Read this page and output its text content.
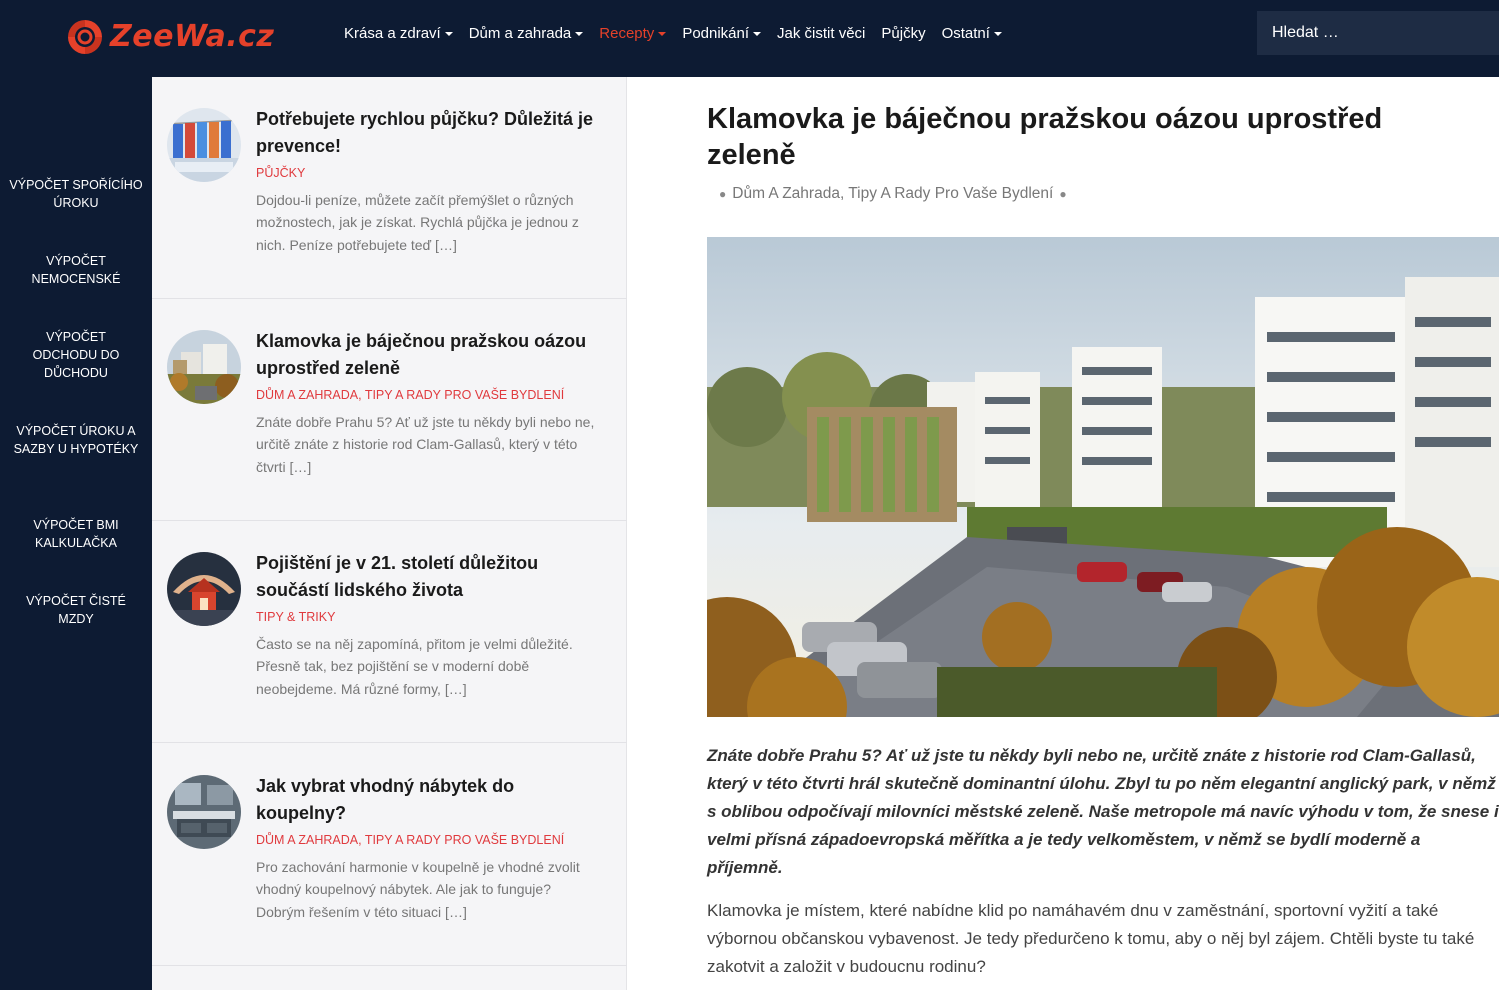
ZeeWa.cz	Krása a zdraví Dům a zahrada Recepty Podnikání Jak čistit věci Půjčky Ostatní
Hledat …
VÝPOČET SPOŘÍCÍHO ÚROKU
VÝPOČET NEMOCENSKÉ
VÝPOČET ODCHODU DO DŮCHODU
VÝPOČET ÚROKU A SAZBY U HYPOTÉKY
VÝPOČET BMI KALKULAČKA
VÝPOČET ČISTÉ MZDY
Potřebujete rychlou půjčku? Důležitá je prevence!
PŮJČKY
Dojdou-li peníze, můžete začít přemýšlet o různých možnostech, jak je získat. Rychlá půjčka je jednou z nich. Peníze potřebujete teď […]
Klamovka je báječnou pražskou oázou uprostřed zeleně
DŮM A ZAHRADA, TIPY A RADY PRO VAŠE BYDLENÍ
Znáte dobře Prahu 5? Ať už jste tu někdy byli nebo ne, určitě znáte z historie rod Clam-Gallasů, který v této čtvrti […]
Pojištění je v 21. století důležitou součástí lidského života
TIPY & TRIKY
Často se na něj zapomíná, přitom je velmi důležité. Přesně tak, bez pojištění se v moderní době neobejdeme. Má různé formy, […]
Jak vybrat vhodný nábytek do koupelny?
DŮM A ZAHRADA, TIPY A RADY PRO VAŠE BYDLENÍ
Pro zachování harmonie v koupelně je vhodné zvolit vhodný koupelnový nábytek. Ale jak to funguje? Dobrým řešením v této situaci […]
Klamovka je báječnou pražskou oázou uprostřed zeleně
● Dům A Zahrada, Tipy A Rady Pro Vaše Bydlení ●

Znáte dobře Prahu 5? Ať už jste tu někdy byli nebo ne, určitě znáte z historie rod Clam-Gallasů, který v této čtvrti hrál skutečně dominantní úlohu. Zbyl tu po něm elegantní anglický park, v němž s oblibou odpočívají milovníci městské zeleně. Naše metropole má navíc výhodu v tom, že snese i velmi přísná západoevropská měřítka a je tedy velkoměstem, v němž se bydlí moderně a příjemně.

Klamovka je místem, které nabídne klid po namáhavém dnu v zaměstnání, sportovní vyžití a také výbornou občanskou vybavenost. Je tedy předurčeno k tomu, aby o něj byl zájem. Chtěli byste tu také zakotvit a založit v budoucnu rodinu?
